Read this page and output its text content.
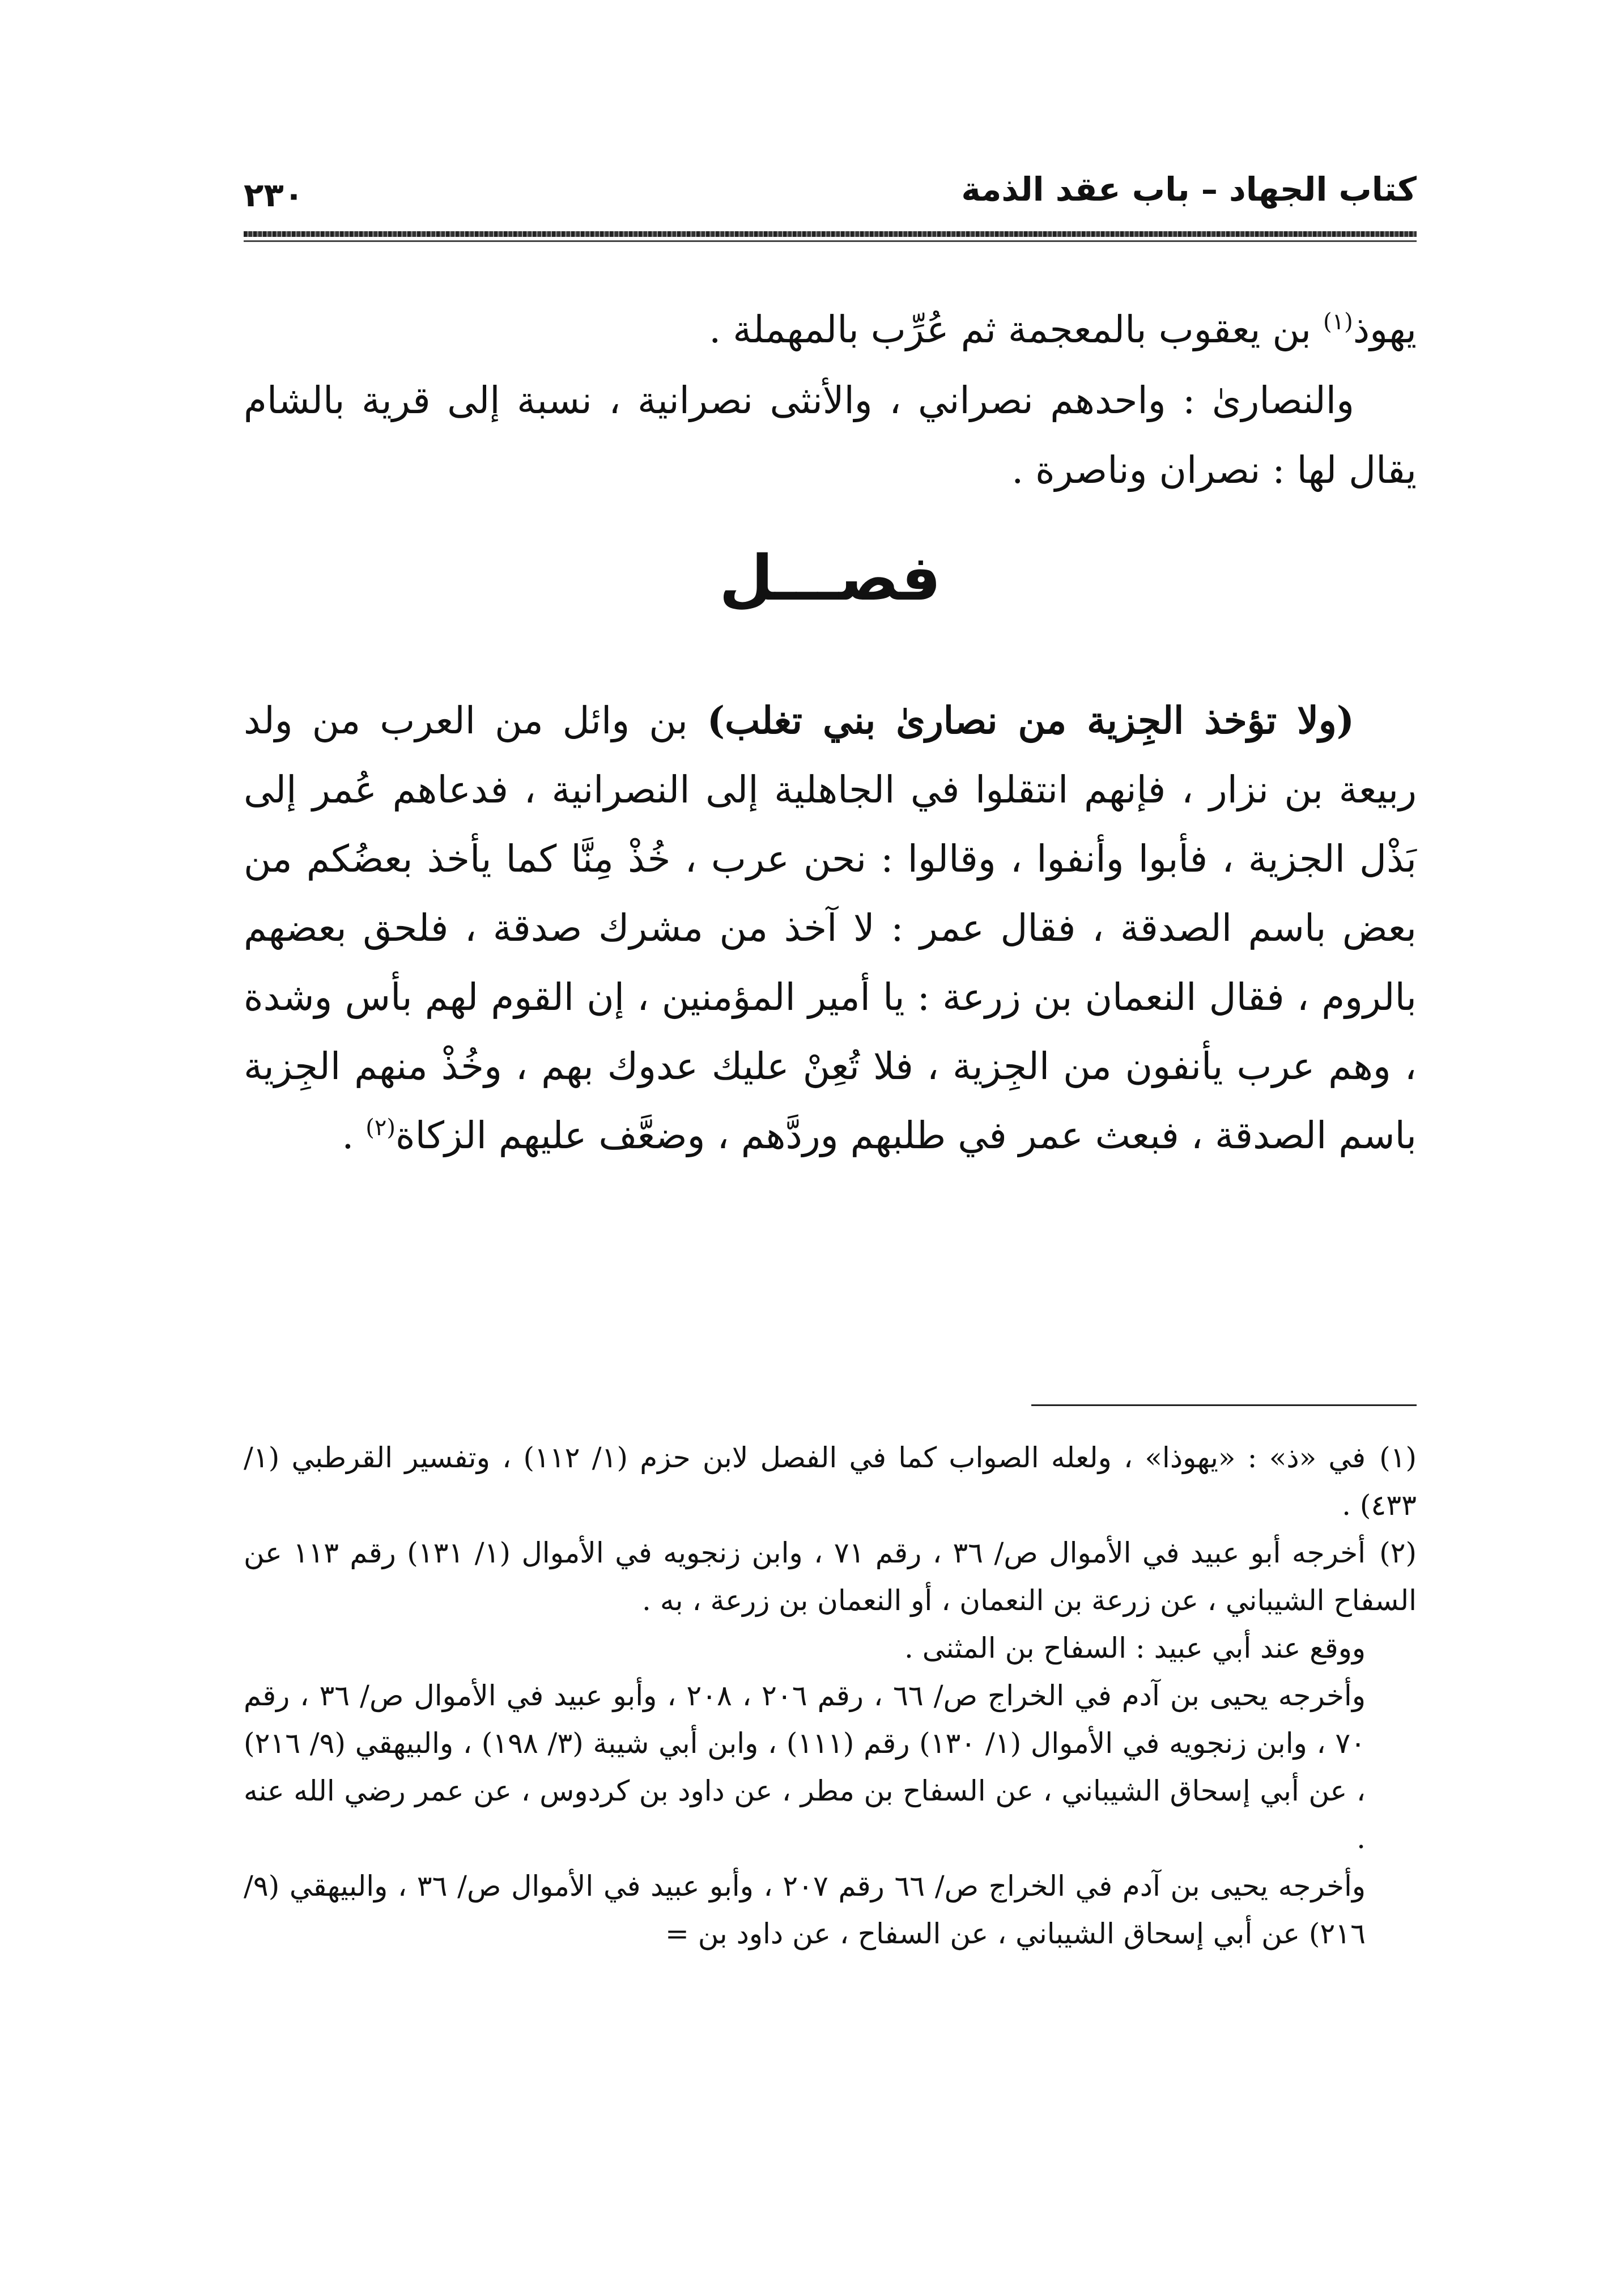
كتاب الجهاد – باب عقد الذمة
٢٣٠
يهوذ$^{(١)}$ بن يعقوب بالمعجمة ثم عُرِّب بالمهملة .
والنصارىٰ : واحدهم نصراني ، والأنثى نصرانية ، نسبة إلى قرية بالشام يقال لها : نصران وناصرة .
فصـــل
(ولا تؤخذ الجِزية من نصارىٰ بني تغلب) بن وائل من العرب من ولد ربيعة بن نزار ، فإنهم انتقلوا في الجاهلية إلى النصرانية ، فدعاهم عُمر إلى بَذْل الجزية ، فأبوا وأنفوا ، وقالوا : نحن عرب ، خُذْ مِنَّا كما يأخذ بعضُكم من بعض باسم الصدقة ، فقال عمر : لا آخذ من مشرك صدقة ، فلحق بعضهم بالروم ، فقال النعمان بن زرعة : يا أمير المؤمنين ، إن القوم لهم بأس وشدة ، وهم عرب يأنفون من الجِزية ، فلا تُعِنْ عليك عدوك بهم ، وخُذْ منهم الجِزية باسم الصدقة ، فبعث عمر في طلبهم وردَّهم ، وضعَّف عليهم الزكاة$^{(٢)}$ .

(١)في «ذ» : «يهوذا» ، ولعله الصواب كما في الفصل لابن حزم (١/ ١١٢) ، وتفسير القرطبي (١/ ٤٣٣) .

(٢)أخرجه أبو عبيد في الأموال ص/ ٣٦ ، رقم ٧١ ، وابن زنجويه في الأموال (١/ ١٣١) رقم ١١٣ عن السفاح الشيباني ، عن زرعة بن النعمان ، أو النعمان بن زرعة ، به .

ووقع عند أبي عبيد : السفاح بن المثنى .

وأخرجه يحيى بن آدم في الخراج ص/ ٦٦ ، رقم ٢٠٦ ، ٢٠٨ ، وأبو عبيد في الأموال ص/ ٣٦ ، رقم ٧٠ ، وابن زنجويه في الأموال (١/ ١٣٠) رقم (١١١) ، وابن أبي شيبة (٣/ ١٩٨) ، والبيهقي (٩/ ٢١٦) ، عن أبي إسحاق الشيباني ، عن السفاح بن مطر ، عن داود بن كردوس ، عن عمر رضي الله عنه .

وأخرجه يحيى بن آدم في الخراج ص/ ٦٦ رقم ٢٠٧ ، وأبو عبيد في الأموال ص/ ٣٦ ، والبيهقي (٩/ ٢١٦) عن أبي إسحاق الشيباني ، عن السفاح ، عن داود بن =
